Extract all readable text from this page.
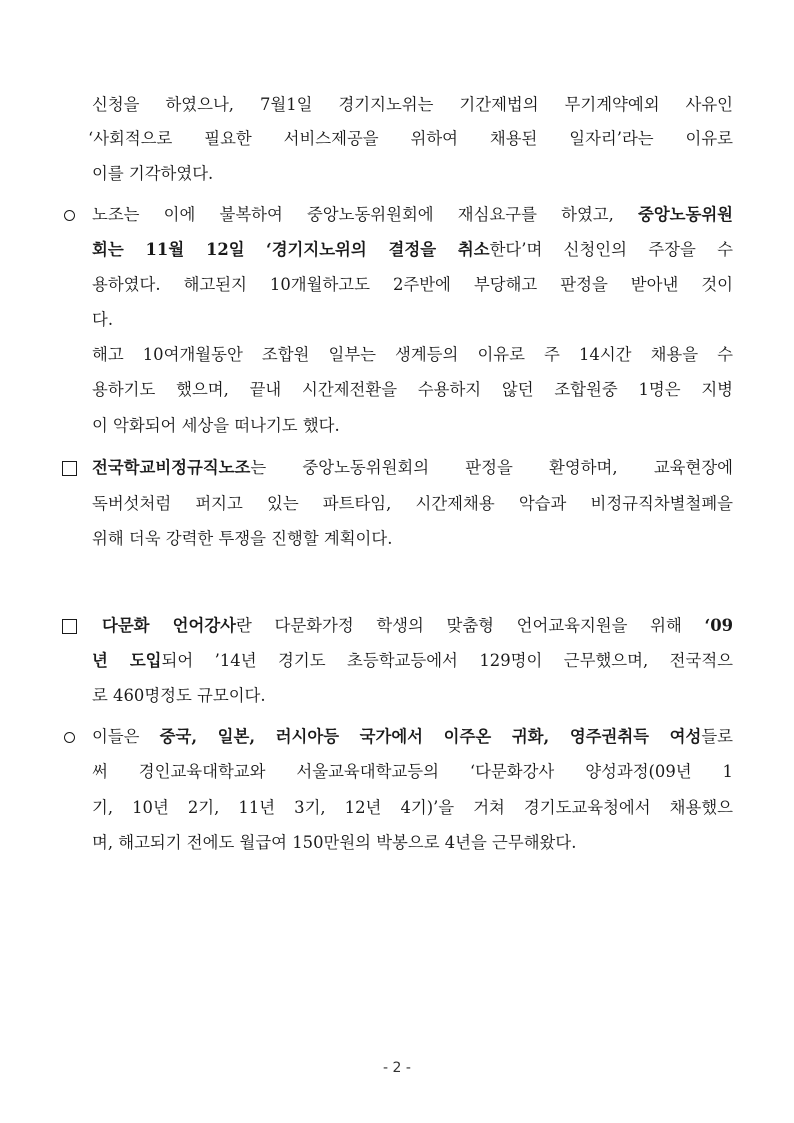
신청을 하였으나, 7월1일 경기지노위는 기간제법의 무기계약예외 사유인
‘사회적으로 필요한 서비스제공을 위하여 채용된 일자리’라는 이유로
이를 기각하였다.
노조는 이에 불복하여 중앙노동위원회에 재심요구를 하였고, 중앙노동위원
회는 11월 12일 ‘경기지노위의 결정을 취소한다’며 신청인의 주장을 수
용하였다. 해고된지 10개월하고도 2주반에 부당해고 판정을 받아낸 것이
다.
해고 10여개월동안 조합원 일부는 생계등의 이유로 주 14시간 채용을 수
용하기도 했으며, 끝내 시간제전환을 수용하지 않던 조합원중 1명은 지병
이 악화되어 세상을 떠나기도 했다.
전국학교비정규직노조는 중앙노동위원회의 판정을 환영하며, 교육현장에
독버섯처럼 퍼지고 있는 파트타임, 시간제채용 악습과 비정규직차별철폐을
위해 더욱 강력한 투쟁을 진행할 계획이다.
다문화 언어강사란 다문화가정 학생의 맞춤형 언어교육지원을 위해 ‘09
년 도입되어 ’14년 경기도 초등학교등에서 129명이 근무했으며, 전국적으
로 460명정도 규모이다.
이들은 중국, 일본, 러시아등 국가에서 이주온 귀화, 영주권취득 여성들로
써 경인교육대학교와 서울교육대학교등의 ‘다문화강사 양성과정(09년 1
기, 10년 2기, 11년 3기, 12년 4기)’을 거쳐 경기도교육청에서 채용했으
며, 해고되기 전에도 월급여 150만원의 박봉으로 4년을 근무해왔다.
- 2 -
